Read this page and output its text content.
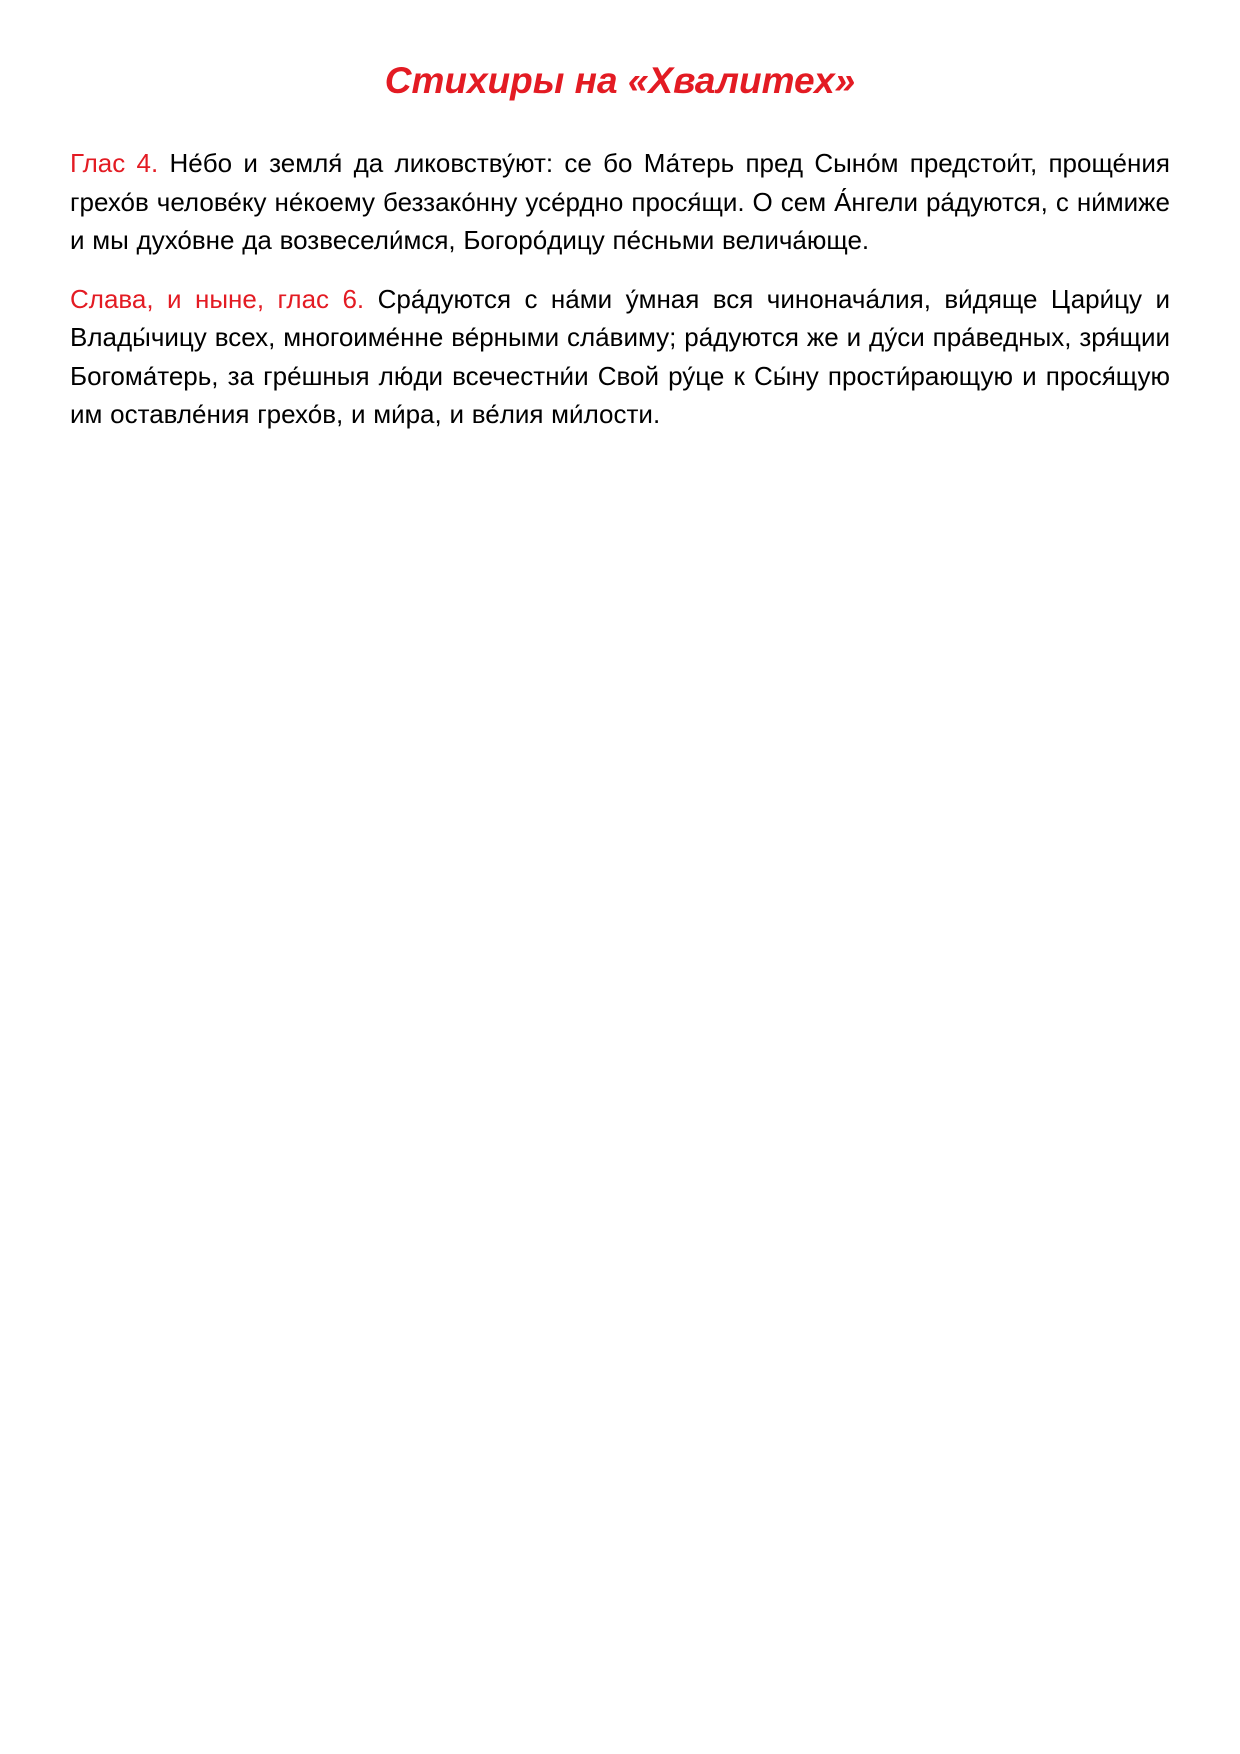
Стихиры на «Хвалитех»

Глас 4. Не́бо и земля́ да ликовству́ют: се бо Ма́терь пред Сыно́м предстои́т, проще́ния грехо́в челове́ку не́коему беззако́нну усе́рдно прося́щи. О сем А́нгели ра́дуются, с ни́миже и мы духо́вне да возвесели́мся, Богоро́дицу пе́сньми велича́юще.

Слава, и ныне, глас 6. Сра́дуются с на́ми у́мная вся чиноначáлия, ви́дяще Цари́цу и Влады́чицу всех, многоиме́нне ве́рными сла́виму; ра́дуются же и ду́си пра́ведных, зря́щии Богома́терь, за гре́шныя лю́ди всечестни́и Свой ру́це к Сы́ну прости́рающую и прося́щую им оставле́ния грехо́в, и ми́ра, и ве́лия ми́лости.
